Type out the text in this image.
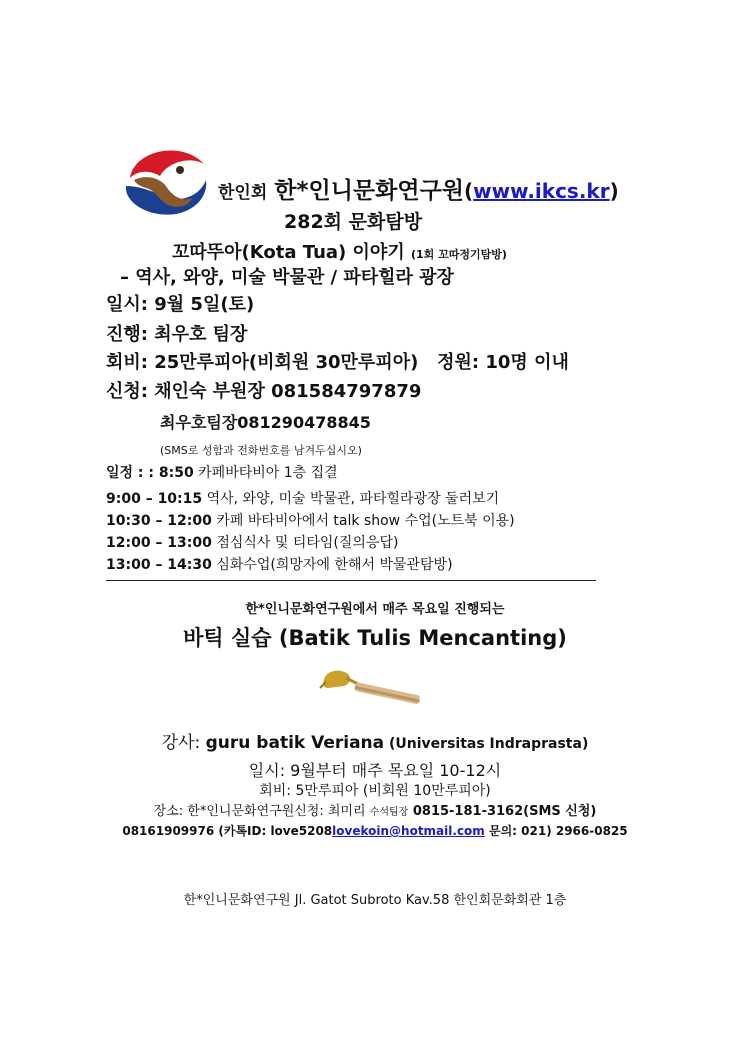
한인회 한*인니문화연구원(www.ikcs.kr)
282회 문화탐방
꼬따뚜아(Kota Tua) 이야기 (1회 꼬따정기탐방)
– 역사, 와양, 미술 박물관 / 파타힐라 광장
일시: 9월 5일(토)
진행: 최우호 팀장
회비: 25만루피아(비회원 30만루피아) 정원: 10명 이내
신청: 채인숙 부원장 081584797879
최우호팀장081290478845
(SMS로 성함과 전화번호를 남겨두십시오)
일정 : : 8:50 카페바타비아 1층 집결
9:00 – 10:15 역사, 와양, 미술 박물관, 파타힐라광장 둘러보기
10:30 – 12:00 카페 바타비아에서 talk show 수업(노트북 이용)
12:00 – 13:00 점심식사 및 티타임(질의응답)
13:00 – 14:30 심화수업(희망자에 한해서 박물관탐방)
한*인니문화연구원에서 매주 목요일 진행되는
바틱 실습 (Batik Tulis Mencanting)
강사: guru batik Veriana (Universitas Indraprasta)
일시: 9월부터 매주 목요일 10-12시
회비: 5만루피아 (비회원 10만루피아)
장소: 한*인니문화연구원신청: 최미리 수석팀장 0815-181-3162(SMS 신청)
08161909976 (카톡ID: love5208lovekoin@hotmail.com 문의: 021) 2966-0825
한*인니문화연구원 Jl. Gatot Subroto Kav.58 한인회문화회관 1층
